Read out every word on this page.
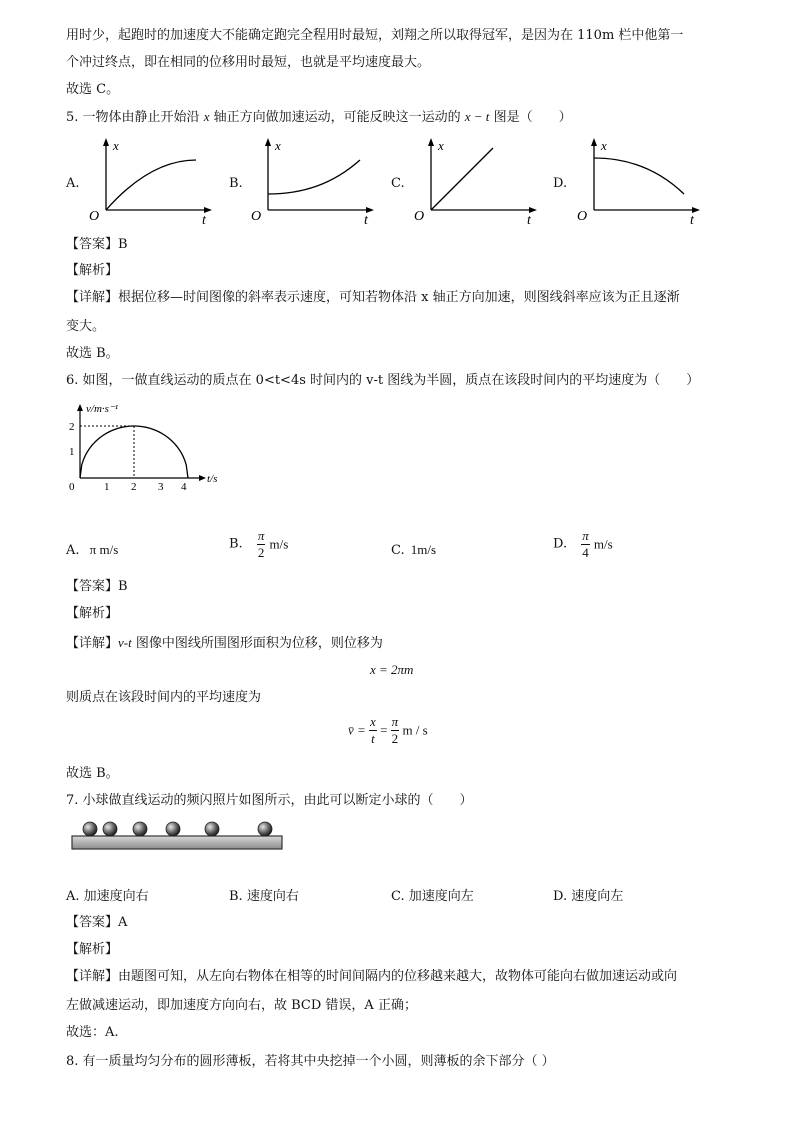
用时少，起跑时的加速度大不能确定跑完全程用时最短，刘翔之所以取得冠军，是因为在 110m 栏中他第一
个冲过终点，即在相同的位移用时最短，也就是平均速度最大。
故选 C。
5. 一物体由静止开始沿 x 轴正方向做加速运动，可能反映这一运动的 x − t 图是（　　）
A.
x
t
O
B.
x
t
O
C.
x
t
O
D.
x
t
O
【答案】B
【解析】
【详解】根据位移—时间图像的斜率表示速度，可知若物体沿 x 轴正方向加速，则图线斜率应该为正且逐渐
变大。
故选 B。
6. 如图，一做直线运动的质点在 0<t<4s 时间内的 v-t 图线为半圆，质点在该段时间内的平均速度为（　　）
v/m·s⁻¹
t/s
2
1
0	1 2 3 4
A. π m/s	B. $\frac{\pi}{2} m/s$	C. 1m/s	D. $\frac{\pi}{4} m/s$
【答案】B
【解析】
【详解】v-t 图像中图线所围图形面积为位移，则位移为
x = 2πm
则质点在该段时间内的平均速度为
v̄ = $\frac{x}{t} = \frac{\pi}{2}$ m / s
故选 B。
7. 小球做直线运动的频闪照片如图所示，由此可以断定小球的（　　）
A. 加速度向右	B. 速度向右	C. 加速度向左	D. 速度向左
【答案】A
【解析】
【详解】由题图可知，从左向右物体在相等的时间间隔内的位移越来越大，故物体可能向右做加速运动或向
左做减速运动，即加速度方向向右，故 BCD 错误，A 正确；
故选：A.
8. 有一质量均匀分布的圆形薄板，若将其中央挖掉一个小圆，则薄板的余下部分（ ）
